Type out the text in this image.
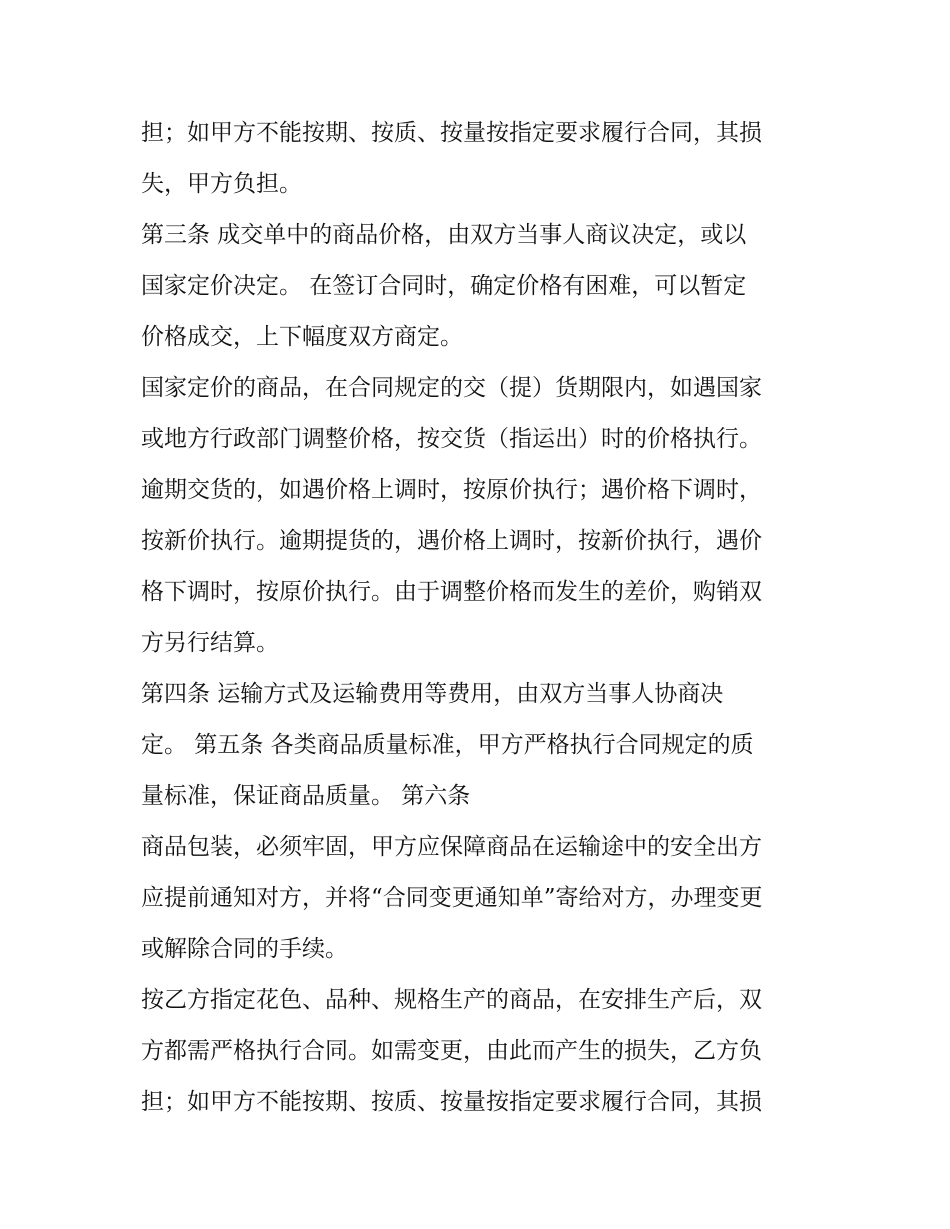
担；如甲方不能按期、按质、按量按指定要求履行合同，其损
失，甲方负担。
第三条 成交单中的商品价格，由双方当事人商议决定，或以
国家定价决定。 在签订合同时，确定价格有困难，可以暂定
价格成交，上下幅度双方商定。
国家定价的商品，在合同规定的交（提）货期限内，如遇国家
或地方行政部门调整价格，按交货（指运出）时的价格执行。
逾期交货的，如遇价格上调时，按原价执行；遇价格下调时，
按新价执行。逾期提货的，遇价格上调时，按新价执行，遇价
格下调时，按原价执行。由于调整价格而发生的差价，购销双
方另行结算。
第四条 运输方式及运输费用等费用，由双方当事人协商决
定。 第五条 各类商品质量标准，甲方严格执行合同规定的质
量标准，保证商品质量。 第六条
商品包装，必须牢固，甲方应保障商品在运输途中的安全出方
应提前通知对方，并将“合同变更通知单”寄给对方，办理变更
或解除合同的手续。
按乙方指定花色、品种、规格生产的商品，在安排生产后，双
方都需严格执行合同。如需变更，由此而产生的损失，乙方负
担；如甲方不能按期、按质、按量按指定要求履行合同，其损
